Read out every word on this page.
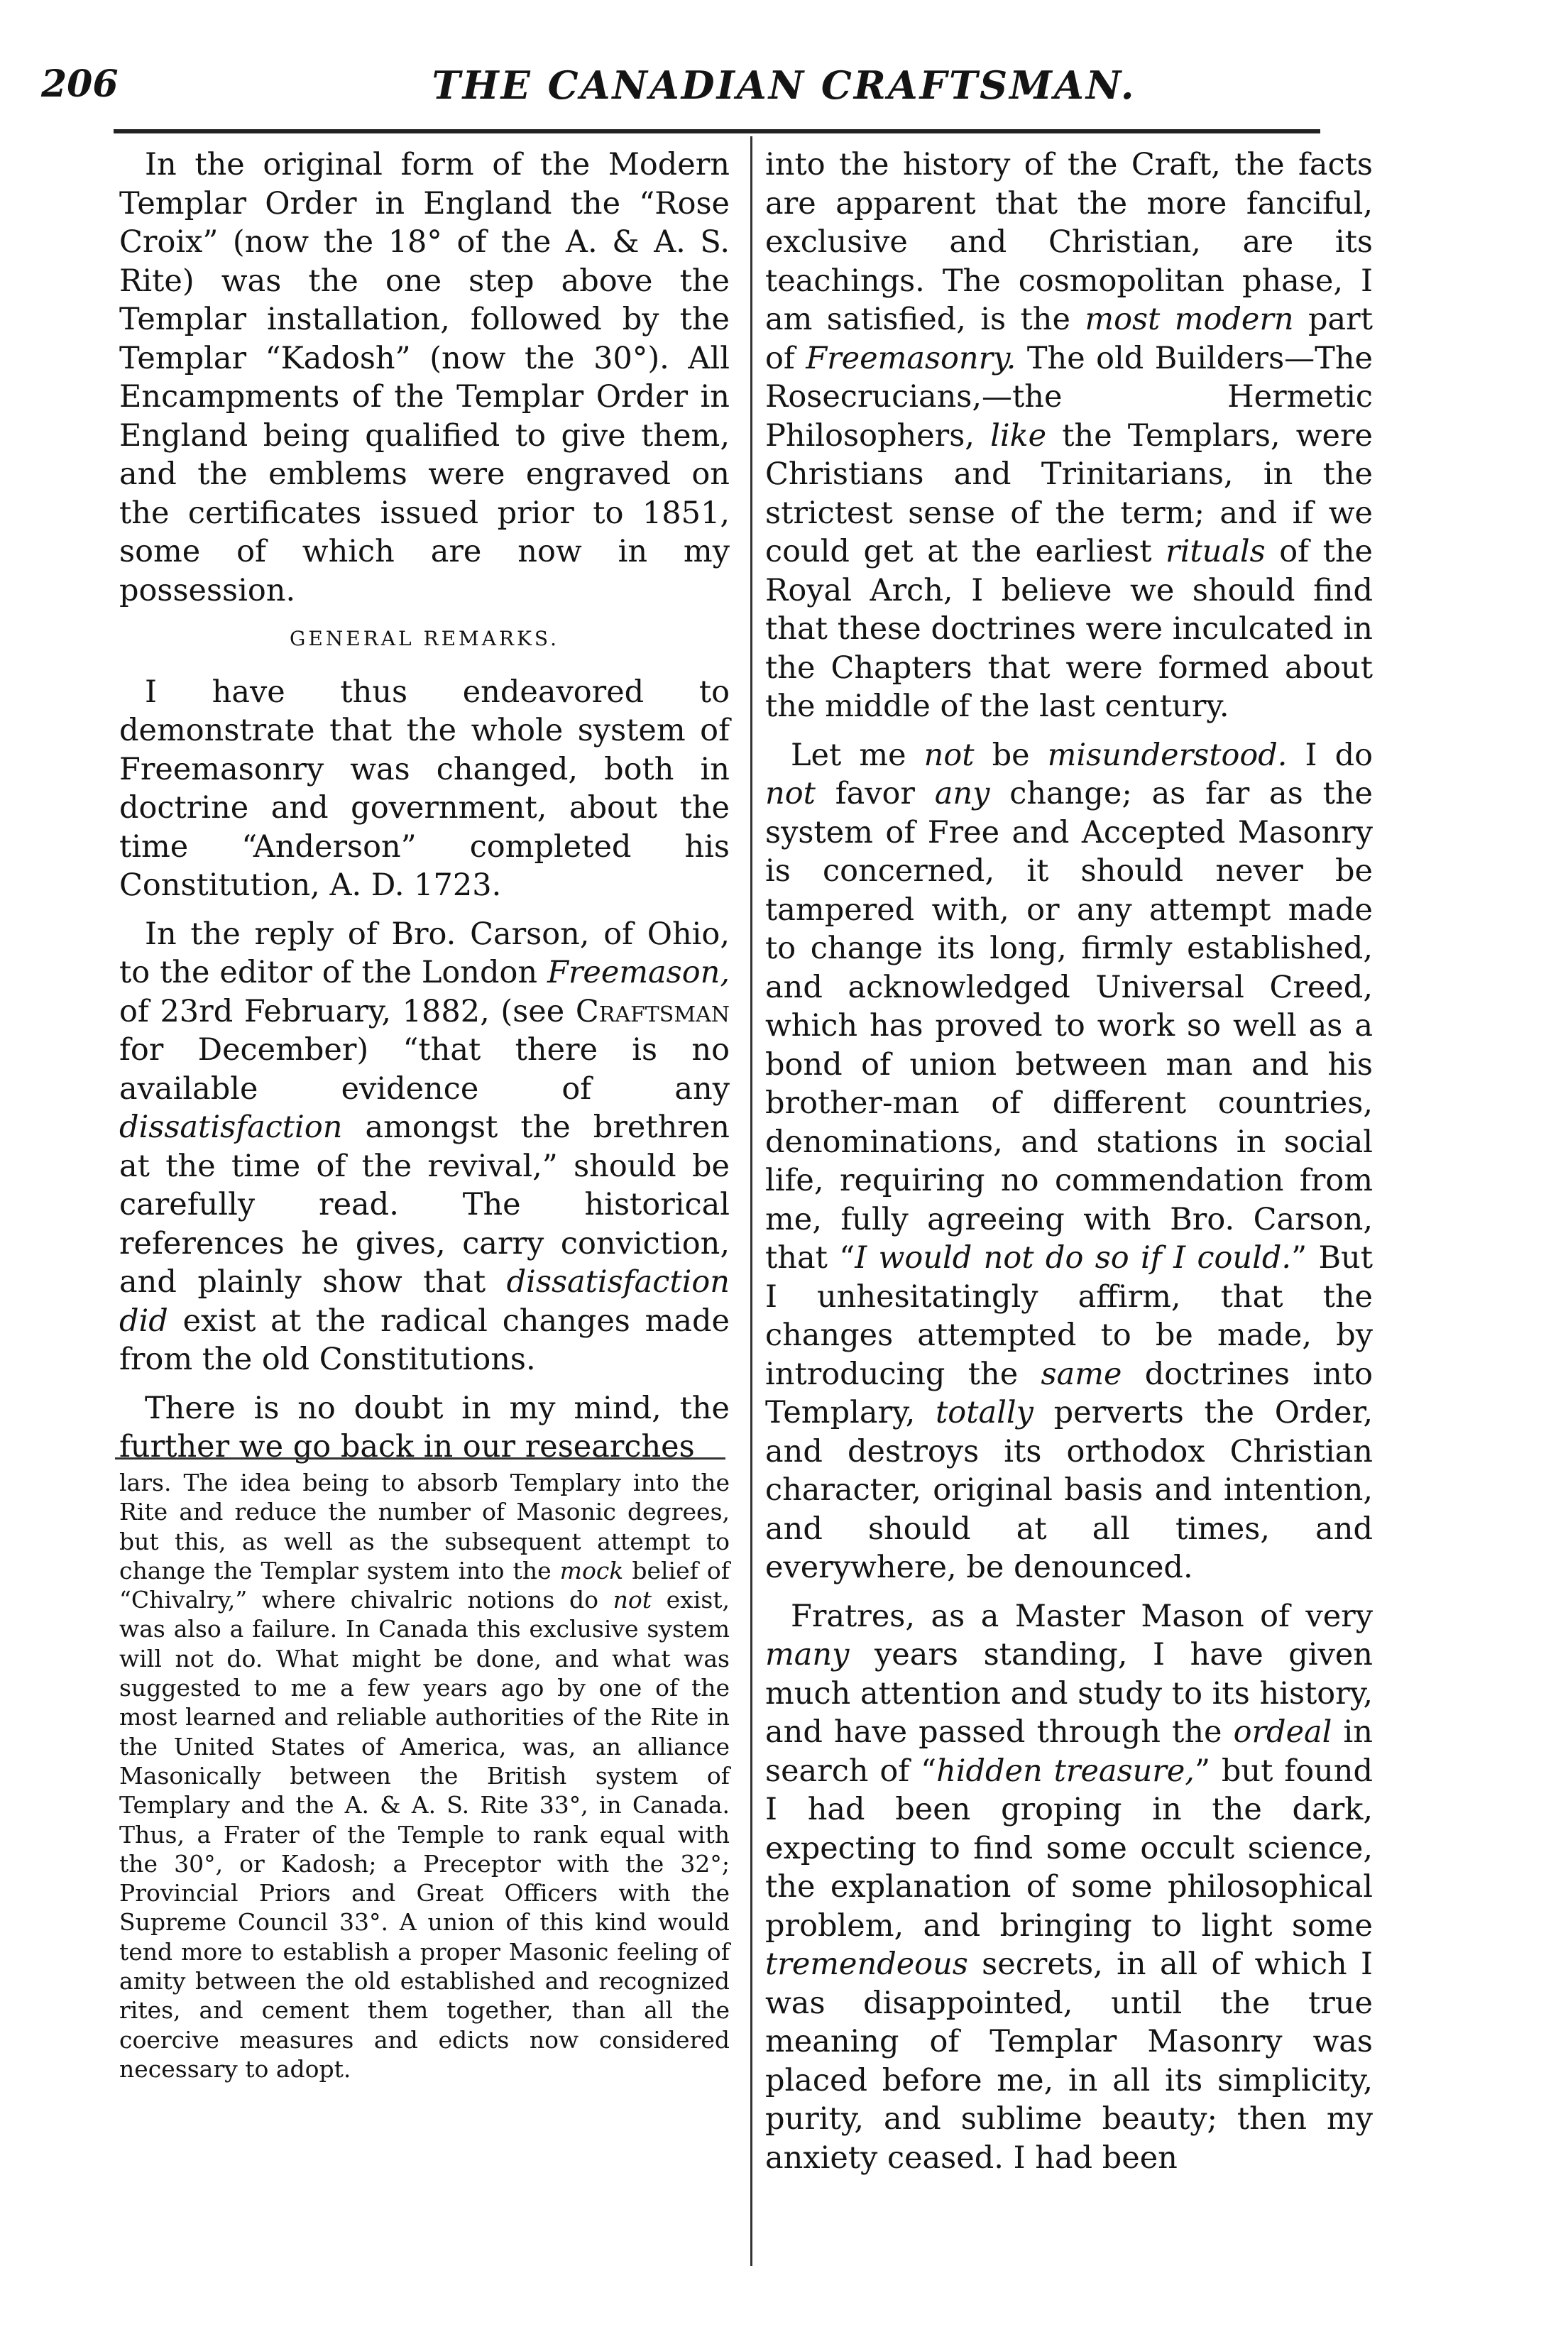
206	THE CANADIAN CRAFTSMAN.

In the original form of the Modern Templar Order in England the “Rose Croix” (now the 18° of the A. & A. S. Rite) was the one step above the Templar installation, followed by the Templar “Kadosh” (now the 30°). All Encampments of the Templar Order in England being qualified to give them, and the emblems were engraved on the certificates issued prior to 1851, some of which are now in my possession.

GENERAL REMARKS.

I have thus endeavored to demonstrate that the whole system of Freemasonry was changed, both in doctrine and government, about the time “Anderson” completed his Constitution, A. D. 1723.

In the reply of Bro. Carson, of Ohio, to the editor of the London Freemason, of 23rd February, 1882, (see Craftsman for December) “that there is no available evidence of any dissatisfaction amongst the brethren at the time of the revival,” should be carefully read. The historical references he gives, carry conviction, and plainly show that dissatisfaction did exist at the radical changes made from the old Constitutions.

There is no doubt in my mind, the further we go back in our researches

lars. The idea being to absorb Templary into the Rite and reduce the number of Masonic degrees, but this, as well as the subsequent attempt to change the Templar system into the mock belief of “Chivalry,” where chivalric notions do not exist, was also a failure. In Canada this exclusive system will not do. What might be done, and what was suggested to me a few years ago by one of the most learned and reliable authorities of the Rite in the United States of America, was, an alliance Masonically between the British system of Templary and the A. & A. S. Rite 33°, in Canada. Thus, a Frater of the Temple to rank equal with the 30°, or Kadosh; a Preceptor with the 32°; Provincial Priors and Great Officers with the Supreme Council 33°. A union of this kind would tend more to establish a proper Masonic feeling of amity between the old established and recognized rites, and cement them together, than all the coercive measures and edicts now considered necessary to adopt.

into the history of the Craft, the facts are apparent that the more fanciful, exclusive and Christian, are its teachings. The cosmopolitan phase, I am satisfied, is the most modern part of Freemasonry. The old Builders—The Rosecrucians,—the Hermetic Philosophers, like the Templars, were Christians and Trinitarians, in the strictest sense of the term; and if we could get at the earliest rituals of the Royal Arch, I believe we should find that these doctrines were inculcated in the Chapters that were formed about the middle of the last century.

Let me not be misunderstood. I do not favor any change; as far as the system of Free and Accepted Masonry is concerned, it should never be tampered with, or any attempt made to change its long, firmly established, and acknowledged Universal Creed, which has proved to work so well as a bond of union between man and his brother-man of different countries, denominations, and stations in social life, requiring no commendation from me, fully agreeing with Bro. Carson, that “I would not do so if I could.” But I unhesitatingly affirm, that the changes attempted to be made, by introducing the same doctrines into Templary, totally perverts the Order, and destroys its orthodox Christian character, original basis and intention, and should at all times, and everywhere, be denounced.

Fratres, as a Master Mason of very many years standing, I have given much attention and study to its history, and have passed through the ordeal in search of “hidden treasure,” but found I had been groping in the dark, expecting to find some occult science, the explanation of some philosophical problem, and bringing to light some tremendeous secrets, in all of which I was disappointed, until the true meaning of Templar Masonry was placed before me, in all its simplicity, purity, and sublime beauty; then my anxiety ceased. I had been
